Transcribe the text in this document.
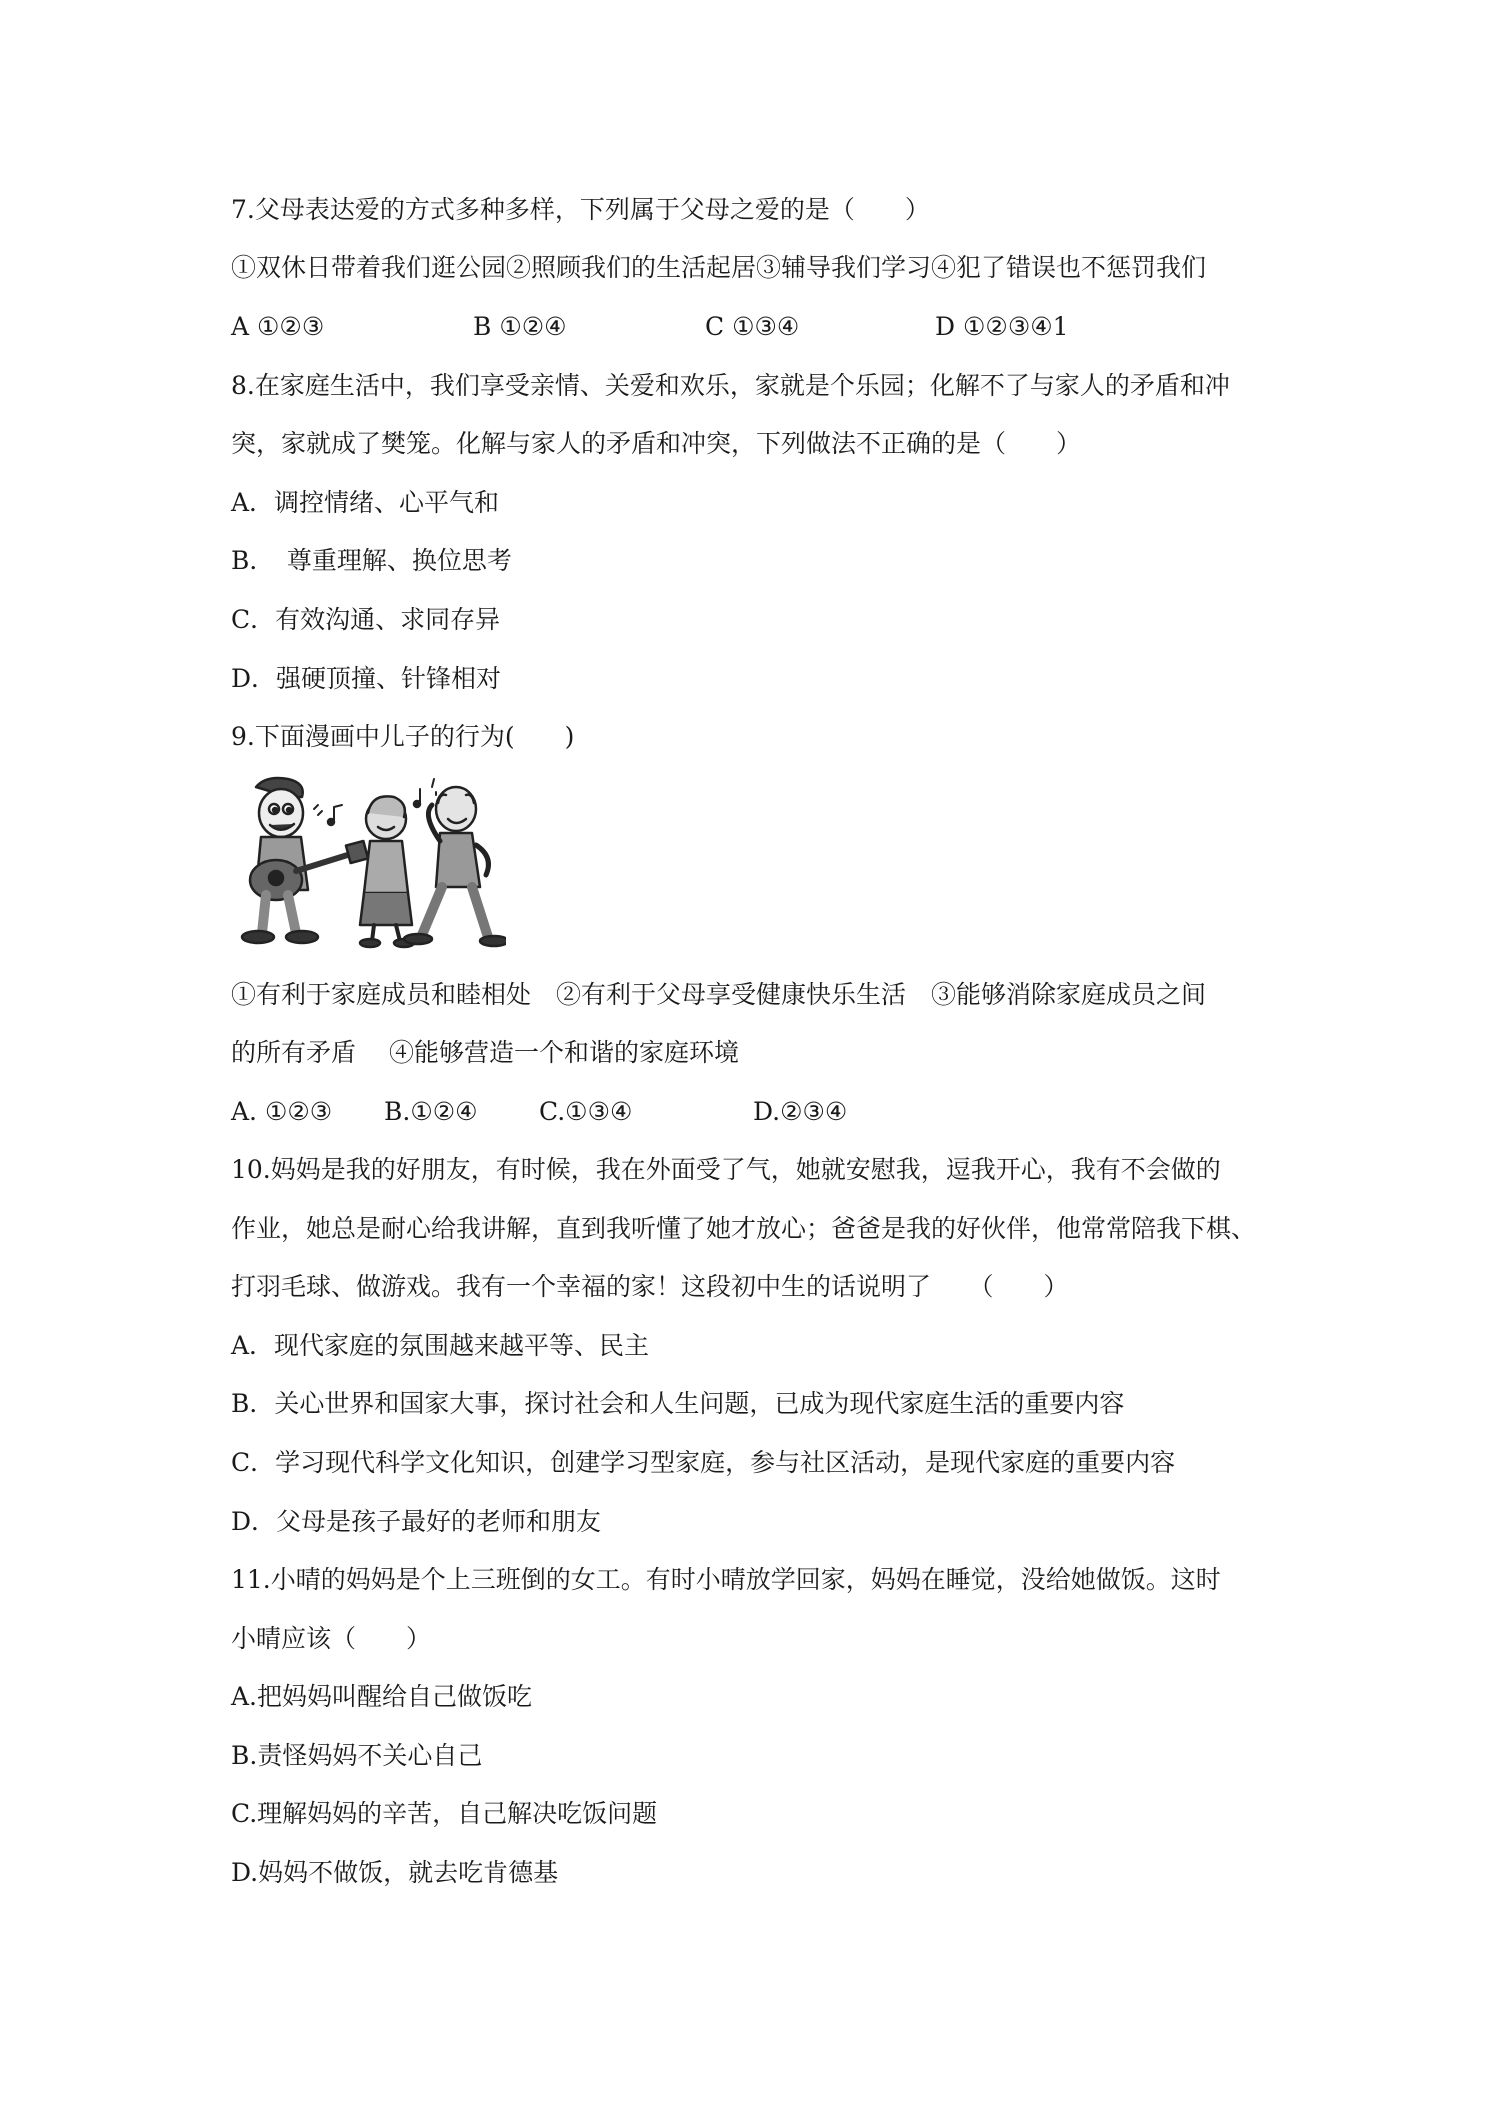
7.父母表达爱的方式多种多样，下列属于父母之爱的是（　　）
①双休日带着我们逛公园②照顾我们的生活起居③辅导我们学习④犯了错误也不惩罚我们
A ①②③	B ①②④	C ①③④	D ①②③④1
8.在家庭生活中，我们享受亲情、关爱和欢乐，家就是个乐园；化解不了与家人的矛盾和冲
突，家就成了樊笼。化解与家人的矛盾和冲突，下列做法不正确的是（　　）
A．调控情绪、心平气和
B．　尊重理解、换位思考
C．有效沟通、求同存异
D．强硬顶撞、针锋相对
9.下面漫画中儿子的行为(　　)
①有利于家庭成员和睦相处　②有利于父母享受健康快乐生活　③能够消除家庭成员之间
的所有矛盾　 ④能够营造一个和谐的家庭环境
A. ①②③ B.①②④ C.①③④	D.②③④
10.妈妈是我的好朋友，有时候，我在外面受了气，她就安慰我，逗我开心，我有不会做的
作业，她总是耐心给我讲解，直到我听懂了她才放心；爸爸是我的好伙伴，他常常陪我下棋、
打羽毛球、做游戏。我有一个幸福的家！这段初中生的话说明了　　（　　）
A．现代家庭的氛围越来越平等、民主
B．关心世界和国家大事，探讨社会和人生问题，已成为现代家庭生活的重要内容
C．学习现代科学文化知识，创建学习型家庭，参与社区活动，是现代家庭的重要内容
D．父母是孩子最好的老师和朋友
11.小晴的妈妈是个上三班倒的女工。有时小晴放学回家，妈妈在睡觉，没给她做饭。这时
小晴应该（　　）
A.把妈妈叫醒给自己做饭吃
B.责怪妈妈不关心自己
C.理解妈妈的辛苦，自己解决吃饭问题
D.妈妈不做饭，就去吃肯德基
